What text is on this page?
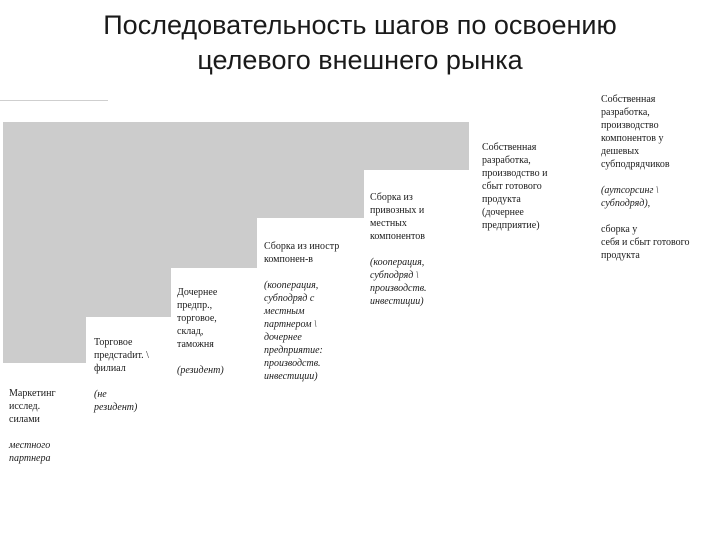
Последовательность шагов по освоению
целевого внешнего рынка

Маркетинг
исслед.
силами

местного
партнера

Торговое
предстаdит. \
филиал

(не
резидент)

Дочернее
предпр.,
торговое,
склад,
таможня

(резидент)

Сборка из иностр
компонен-в

(кооперация,
субподряд с
местным
партнером \
дочернее
предприятие:
производств.
инвестиции)

Сборка из
привозных и
местных
компонентов

(кооперация,
субподряд \
производств.
инвестиции)

Собственная
разработка,
производство и
сбыт готового
продукта
(дочернее
предприятие)

Собственная
разработка,
производство
компонентов у
дешевых
субподрядчиков

(аутсорсинг \
субподряд),

сборка у
себя и сбыт готового
продукта
